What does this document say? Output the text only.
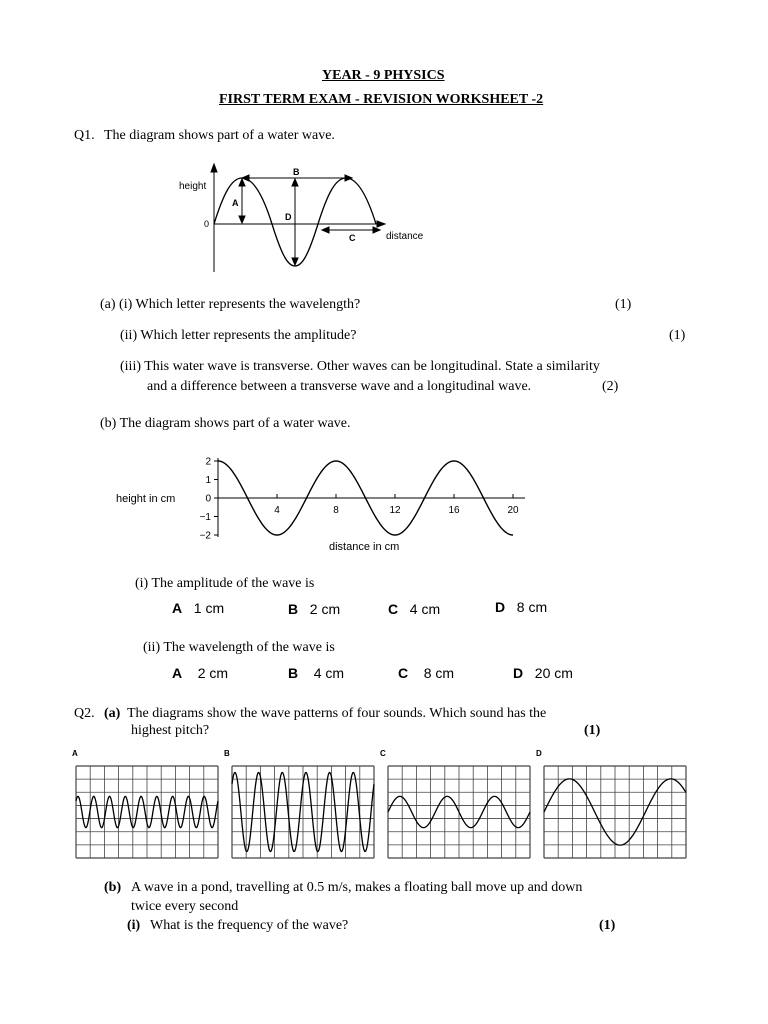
YEAR - 9 PHYSICS
FIRST TERM EXAM - REVISION WORKSHEET -2
Q1. The diagram shows part of a water wave.
height
0
distance
B
A
D
C
(a) (i) Which letter represents the wavelength?	(1)
(ii) Which letter represents the amplitude?	(1)
(iii) This water wave is transverse. Other waves can be longitudinal. State a similarity
and a difference between a transverse wave and a longitudinal wave.	(2)
(b) The diagram shows part of a water wave.
height in cm
distance in cm
2
1
0
−1
−2
4	8	12	16	20
(i) The amplitude of the wave is
A 1 cm	B 2 cm	C 4 cm	D 8 cm
(ii) The wavelength of the wave is
A 2 cm	B 4 cm	C 8 cm	D 20 cm
Q2. (a) The diagrams show the wave patterns of four sounds. Which sound has the
highest pitch?	(1)
A	B	C	D
(b) A wave in a pond, travelling at 0.5 m/s, makes a floating ball move up and down
twice every second
(i) What is the frequency of the wave?	(1)
